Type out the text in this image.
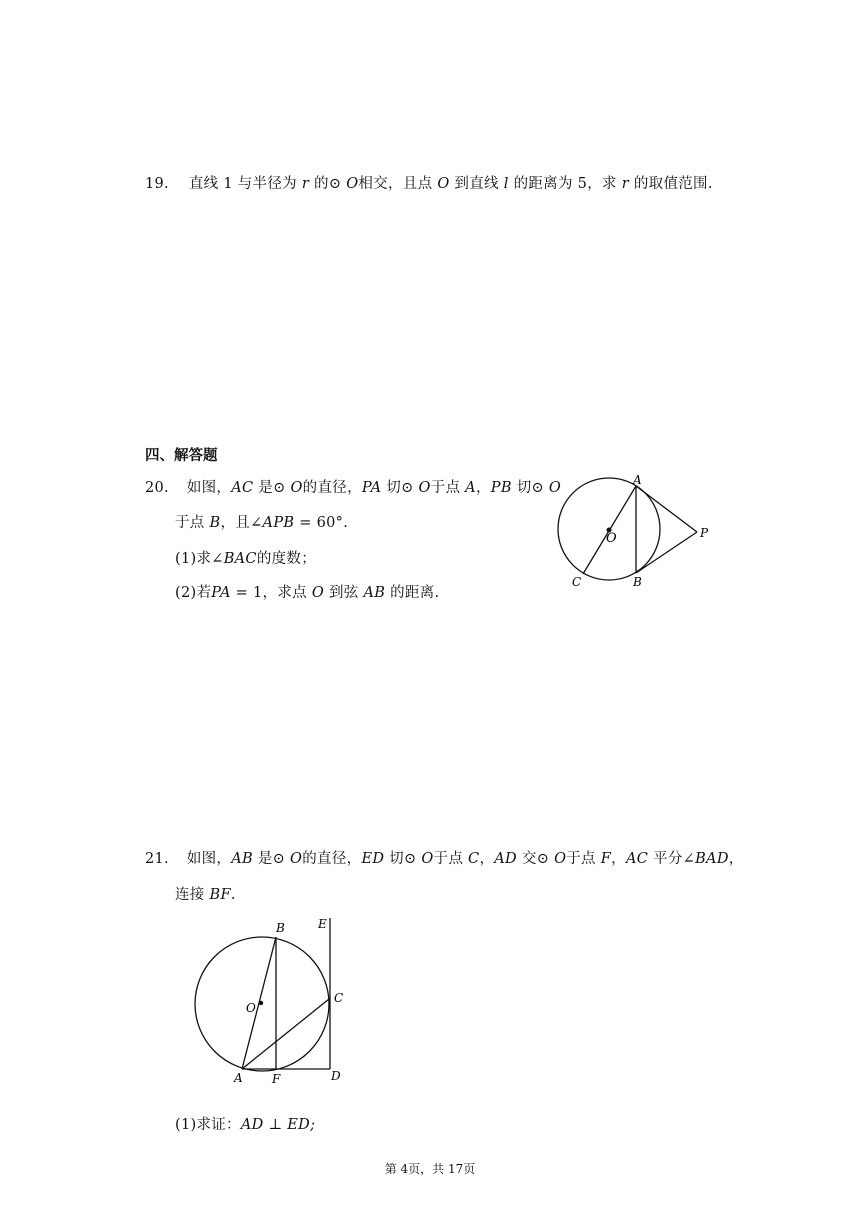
19. 直线 1 与半径为 r 的⊙ O相交，且点 O 到直线 l 的距离为 5，求 r 的取值范围.
四、解答题
20. 如图，AC 是⊙ O的直径，PA 切⊙ O于点 A，PB 切⊙ O
于点 B，且∠APB = 60°.
(1)求∠BAC的度数；
(2)若PA = 1，求点 O 到弦 AB 的距离.
A
B
C
O	P
21. 如图，AB 是⊙ O的直径，ED 切⊙ O于点 C，AD 交⊙ O于点 F，AC 平分∠BAD，
连接 BF.
B	E
C
O
A F	D
(1)求证：AD ⊥ ED;
第 4页，共 17页
